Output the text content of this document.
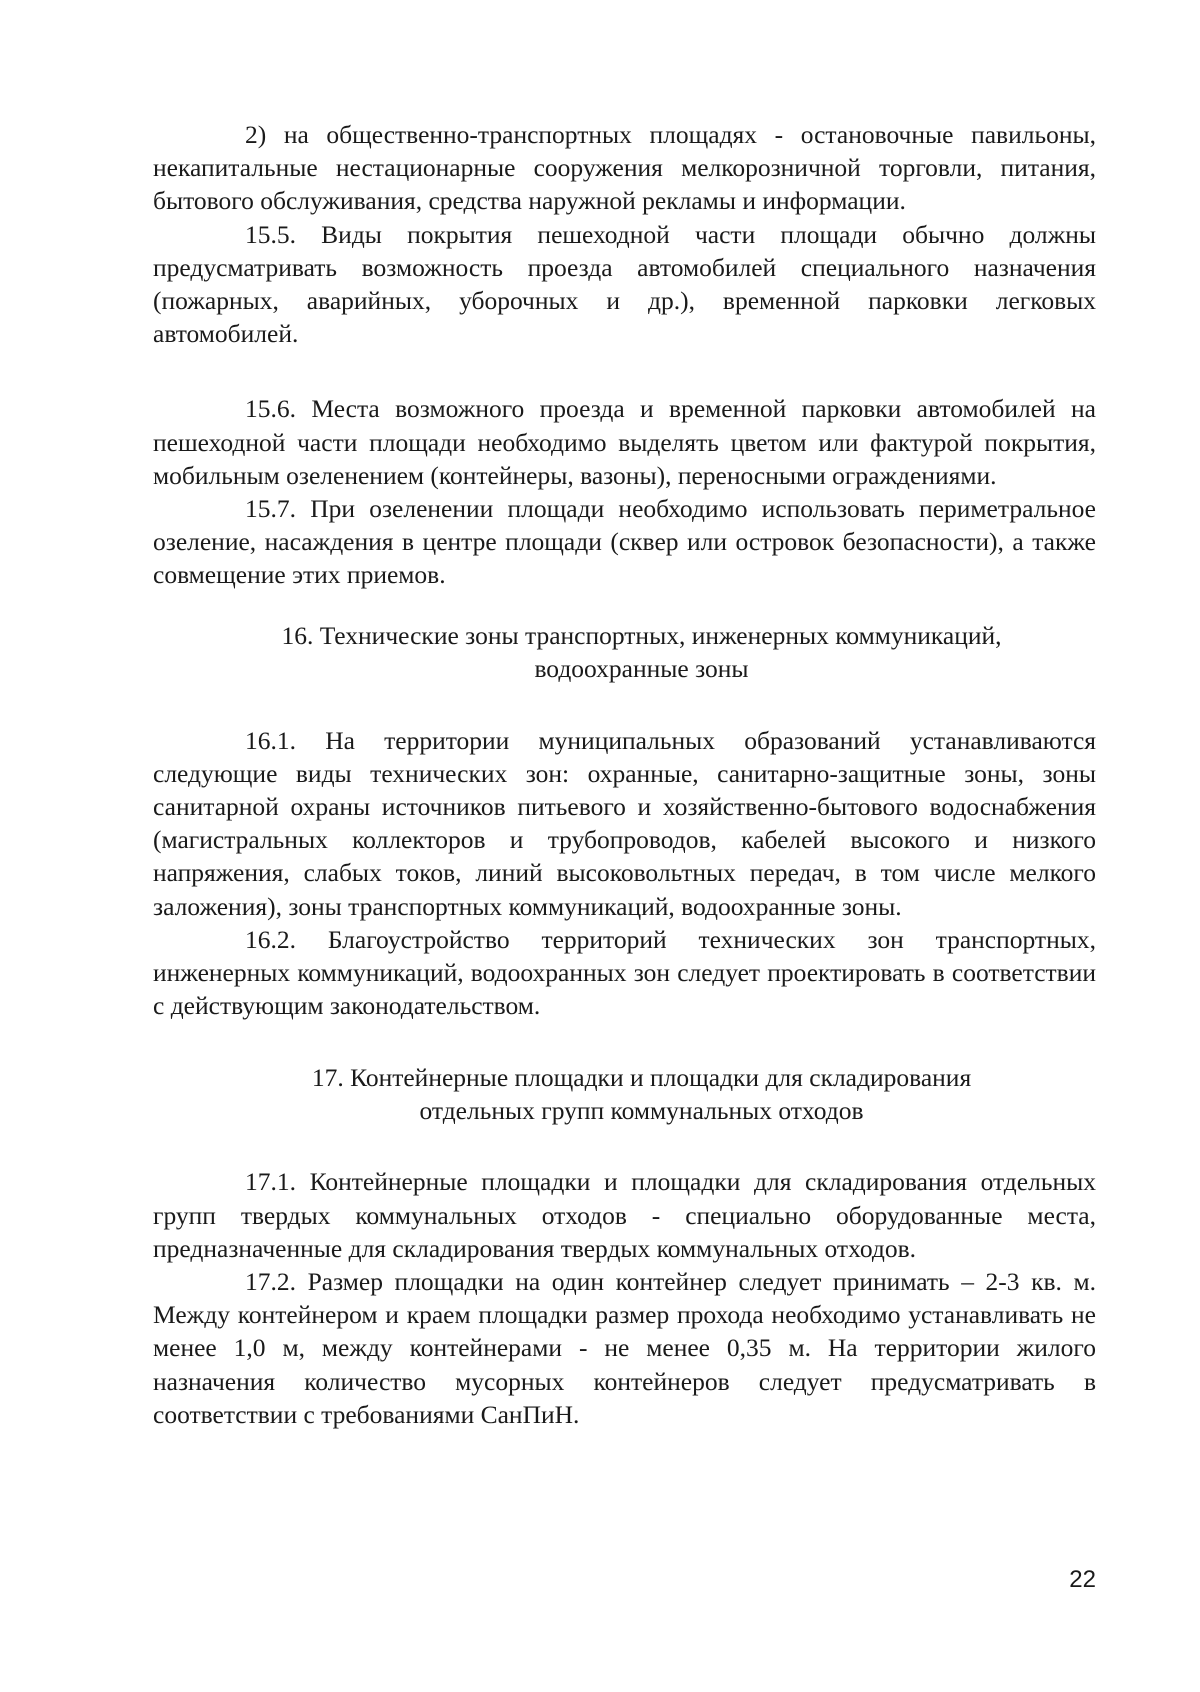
2) на общественно-транспортных площадях - остановочные павильоны, некапитальные нестационарные сооружения мелкорозничной торговли, питания, бытового обслуживания, средства наружной рекламы и информации.

15.5. Виды покрытия пешеходной части площади обычно должны предусматривать возможность проезда автомобилей специального назначения (пожарных, аварийных, уборочных и др.), временной парковки легковых автомобилей.

15.6. Места возможного проезда и временной парковки автомобилей на пешеходной части площади необходимо выделять цветом или фактурой покрытия, мобильным озеленением (контейнеры, вазоны), переносными ограждениями.

15.7. При озеленении площади необходимо использовать периметральное озеление, насаждения в центре площади (сквер или островок безопасности), а также совмещение этих приемов.

16. Технические зоны транспортных, инженерных коммуникаций,
водоохранные зоны

16.1. На территории муниципальных образований устанавливаются следующие виды технических зон: охранные, санитарно-защитные зоны, зоны санитарной охраны источников питьевого и хозяйственно-бытового водоснабжения (магистральных коллекторов и трубопроводов, кабелей высокого и низкого напряжения, слабых токов, линий высоковольтных передач, в том числе мелкого заложения), зоны транспортных коммуникаций, водоохранные зоны.

16.2. Благоустройство территорий технических зон транспортных, инженерных коммуникаций, водоохранных зон следует проектировать в соответствии с действующим законодательством.

17. Контейнерные площадки и площадки для складирования
отдельных групп коммунальных отходов

17.1. Контейнерные площадки и площадки для складирования отдельных групп твердых коммунальных отходов - специально оборудованные места, предназначенные для складирования твердых коммунальных отходов.

17.2. Размер площадки на один контейнер следует принимать – 2-3 кв. м. Между контейнером и краем площадки размер прохода необходимо устанавливать не менее 1,0 м, между контейнерами - не менее 0,35 м. На территории жилого назначения количество мусорных контейнеров следует предусматривать в соответствии с требованиями СанПиН.

22
